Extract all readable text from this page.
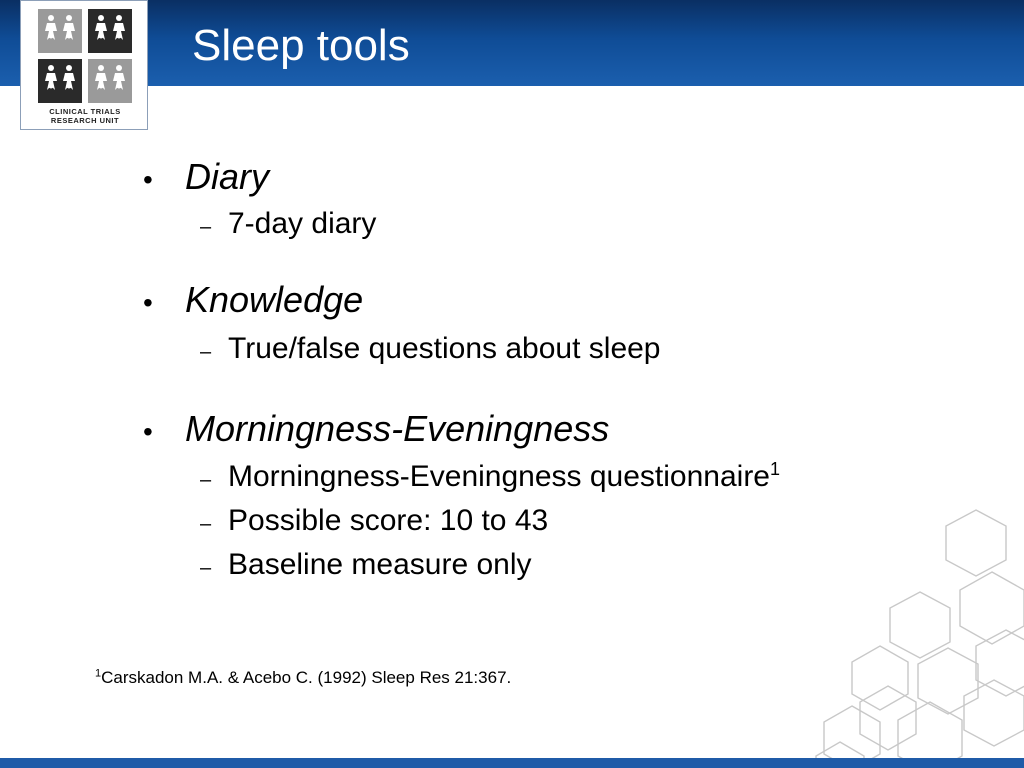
Sleep tools
CLINICAL TRIALS
RESEARCH UNIT
• Diary
– 7-day diary
• Knowledge
– True/false questions about sleep
• Morningness-Eveningness
– Morningness-Eveningness questionnaire$^1$
– Possible score: 10 to 43
– Baseline measure only
$^1$Carskadon M.A. & Acebo C. (1992) Sleep Res 21:367.
